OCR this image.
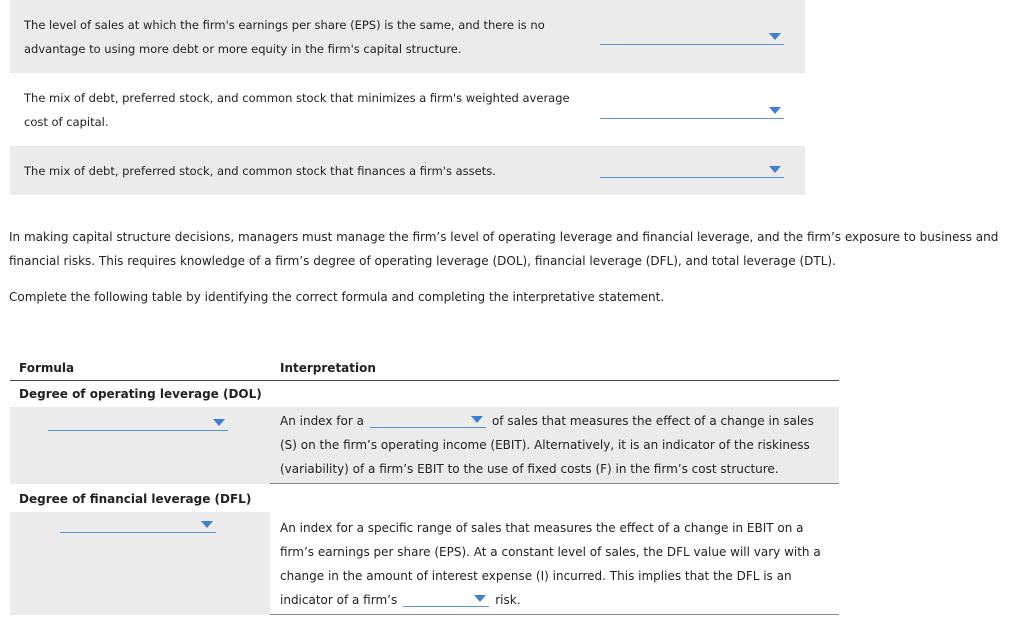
The level of sales at which the firm's earnings per share (EPS) is the same, and there is no advantage to using more debt or more equity in the firm's capital structure.
The mix of debt, preferred stock, and common stock that minimizes a firm's weighted average cost of capital.
The mix of debt, preferred stock, and common stock that finances a firm's assets.

In making capital structure decisions, managers must manage the firm’s level of operating leverage and financial leverage, and the firm’s exposure to business and financial risks. This requires knowledge of a firm’s degree of operating leverage (DOL), financial leverage (DFL), and total leverage (DTL).

Complete the following table by identifying the correct formula and completing the interpretative statement.

Formula	Interpretation
Degree of operating leverage (DOL)
An index for a	of sales that measures the effect of a change in sales (S) on the firm’s operating income (EBIT). Alternatively, it is an indicator of the riskiness (variability) of a firm’s EBIT to the use of fixed costs (F) in the firm’s cost structure.
Degree of financial leverage (DFL)
An index for a specific range of sales that measures the effect of a change in EBIT on a firm’s earnings per share (EPS). At a constant level of sales, the DFL value will vary with a change in the amount of interest expense (I) incurred. This implies that the DFL is an indicator of a firm’s	risk.
